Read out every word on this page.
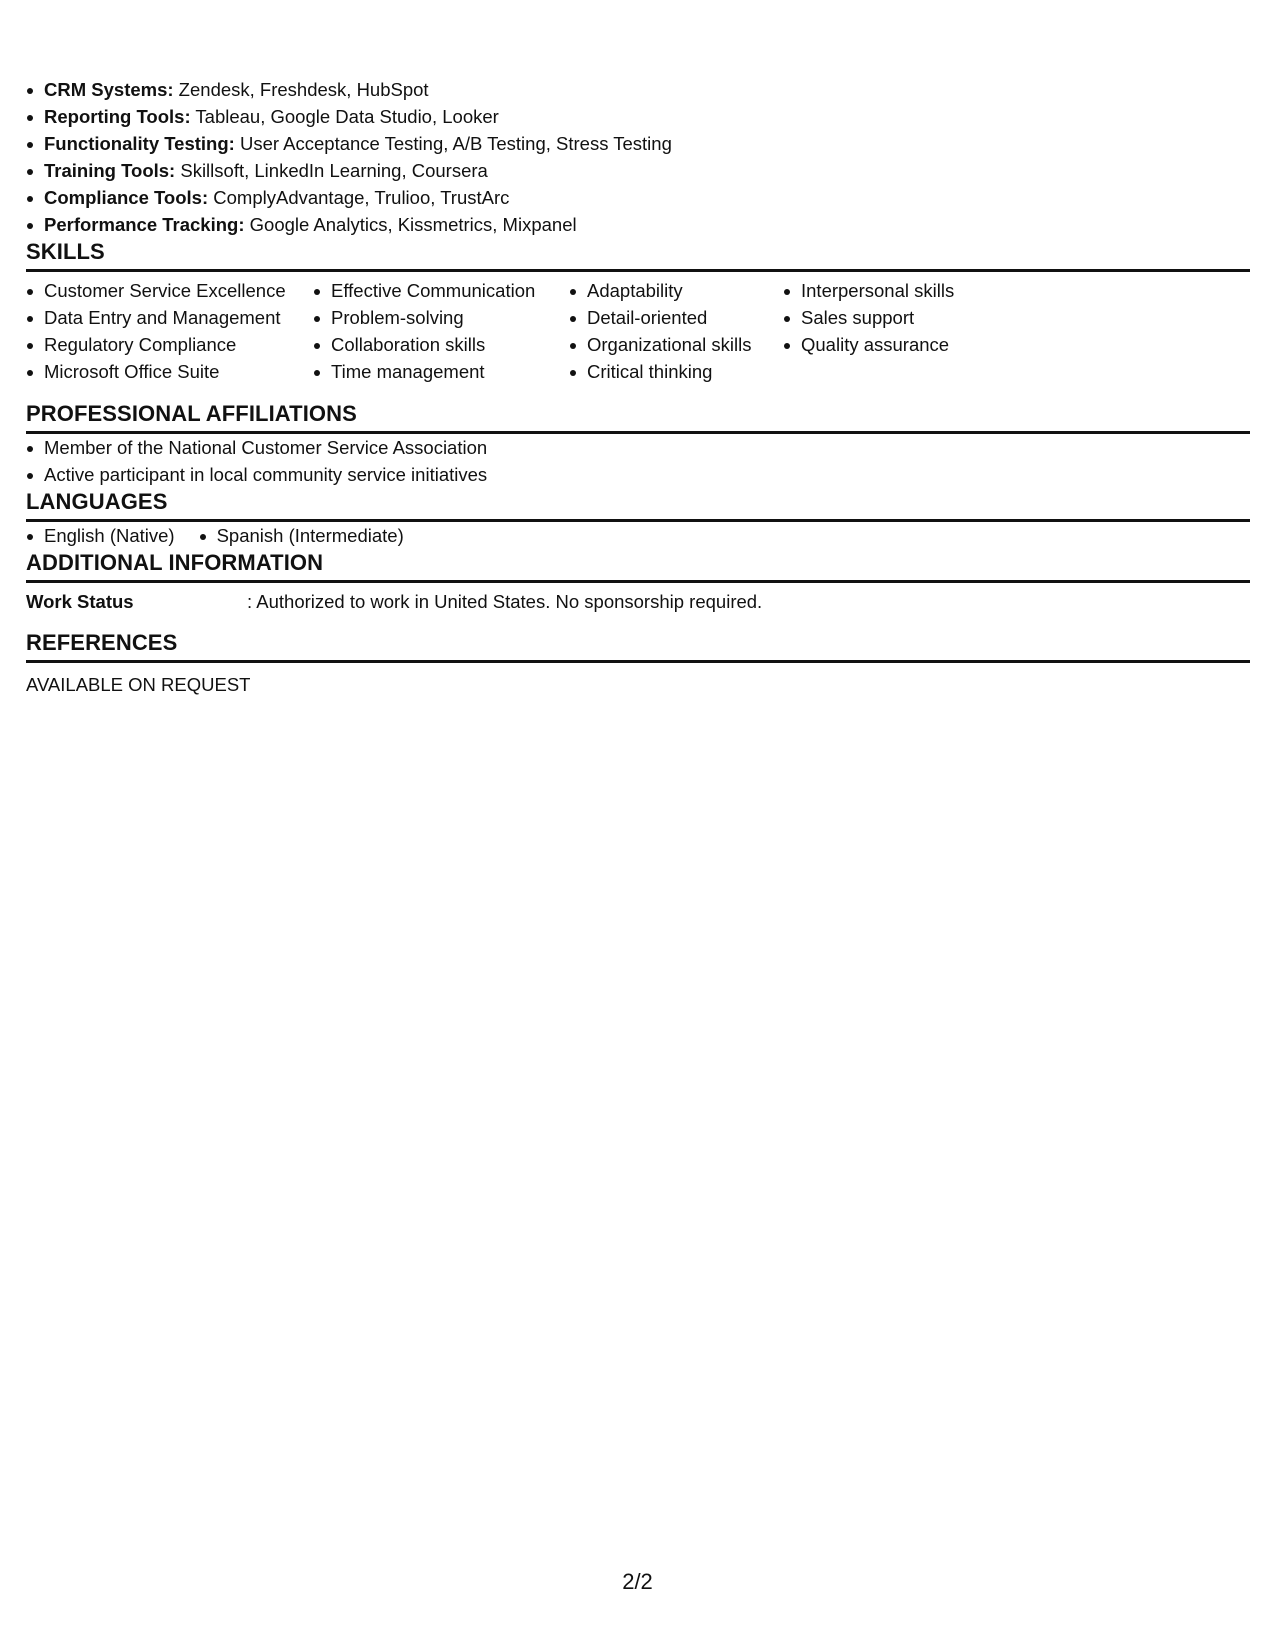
CRM Systems: Zendesk, Freshdesk, HubSpot
Reporting Tools: Tableau, Google Data Studio, Looker
Functionality Testing: User Acceptance Testing, A/B Testing, Stress Testing
Training Tools: Skillsoft, LinkedIn Learning, Coursera
Compliance Tools: ComplyAdvantage, Trulioo, TrustArc
Performance Tracking: Google Analytics, Kissmetrics, Mixpanel
SKILLS
Customer Service Excellence
Data Entry and Management
Regulatory Compliance
Microsoft Office Suite
Effective Communication
Problem-solving
Collaboration skills
Time management
Adaptability
Detail-oriented
Organizational skills
Critical thinking
Interpersonal skills
Sales support
Quality assurance
PROFESSIONAL AFFILIATIONS
Member of the National Customer Service Association
Active participant in local community service initiatives
LANGUAGES
English (Native)	Spanish (Intermediate)
ADDITIONAL INFORMATION
Work Status	: Authorized to work in United States. No sponsorship required.
REFERENCES
AVAILABLE ON REQUEST
2/2
